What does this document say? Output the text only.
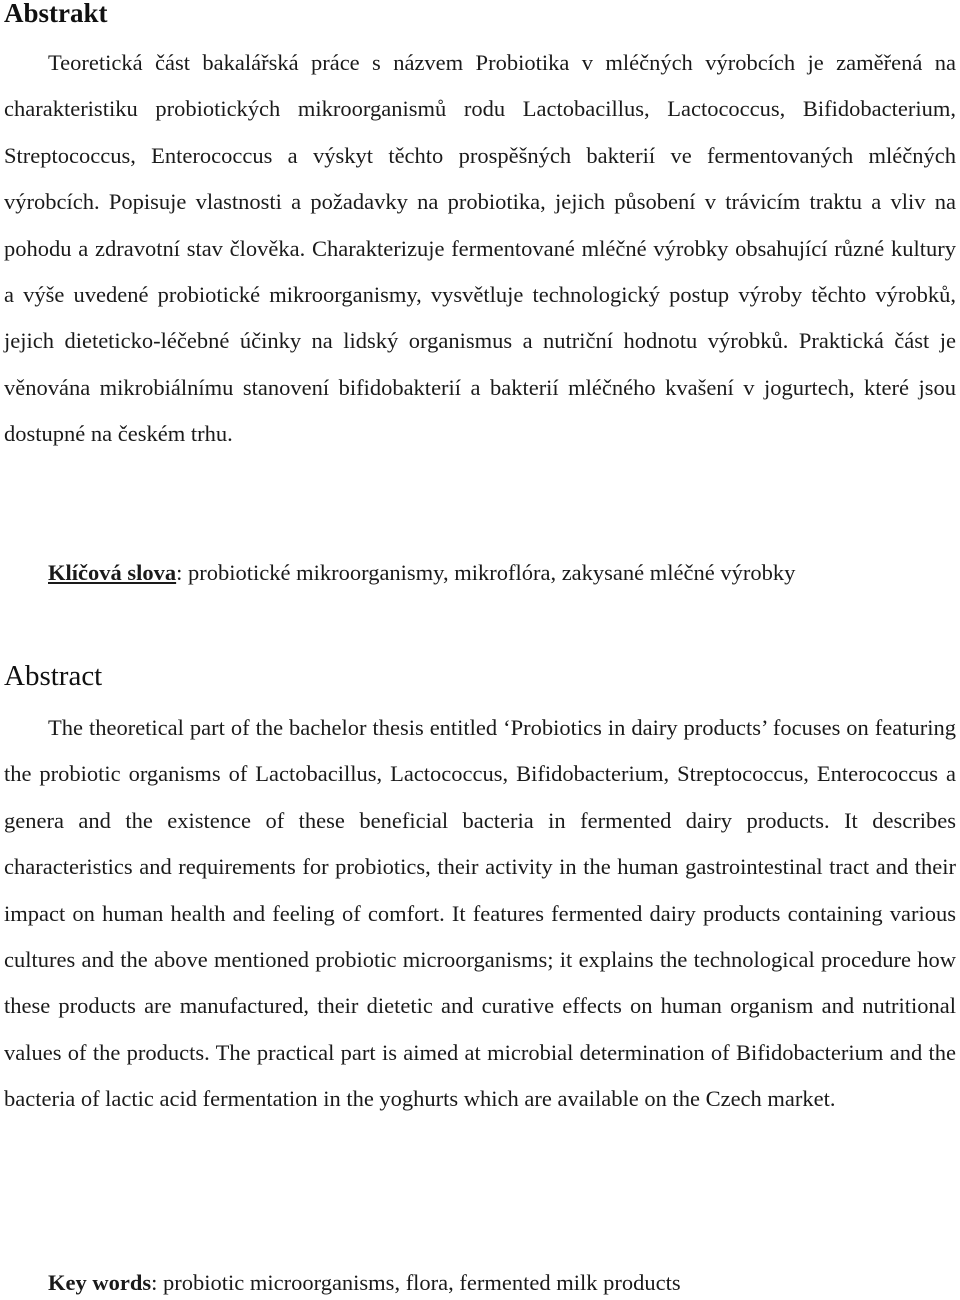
Abstrakt

Teoretická část bakalářská práce s názvem Probiotika v mléčných výrobcích je zaměřená na charakteristiku probiotických mikroorganismů rodu Lactobacillus, Lactococcus, Bifidobacterium, Streptococcus, Enterococcus a výskyt těchto prospěšných bakterií ve fermentovaných mléčných výrobcích. Popisuje vlastnosti a požadavky na probiotika, jejich působení v trávicím traktu a vliv na pohodu a zdravotní stav člověka. Charakterizuje fermentované mléčné výrobky obsahující různé kultury a výše uvedené probiotické mikroorganismy, vysvětluje technologický postup výroby těchto výrobků, jejich dieteticko-léčebné účinky na lidský organismus a nutriční hodnotu výrobků. Praktická část je věnována mikrobiálnímu stanovení bifidobakterií a bakterií mléčného kvašení v jogurtech, které jsou dostupné na českém trhu.

Klíčová slova: probiotické mikroorganismy, mikroflóra, zakysané mléčné výrobky

Abstract

The theoretical part of the bachelor thesis entitled ‘Probiotics in dairy products’ focuses on featuring the probiotic organisms of Lactobacillus, Lactococcus, Bifidobacterium, Streptococcus, Enterococcus a genera and the existence of these beneficial bacteria in fermented dairy products. It describes characteristics and requirements for probiotics, their activity in the human gastrointestinal tract and their impact on human health and feeling of comfort. It features fermented dairy products containing various cultures and the above mentioned probiotic microorganisms; it explains the technological procedure how these products are manufactured, their dietetic and curative effects on human organism and nutritional values of the products. The practical part is aimed at microbial determination of Bifidobacterium and the bacteria of lactic acid fermentation in the yoghurts which are available on the Czech market.

Key words: probiotic microorganisms, flora, fermented milk products
